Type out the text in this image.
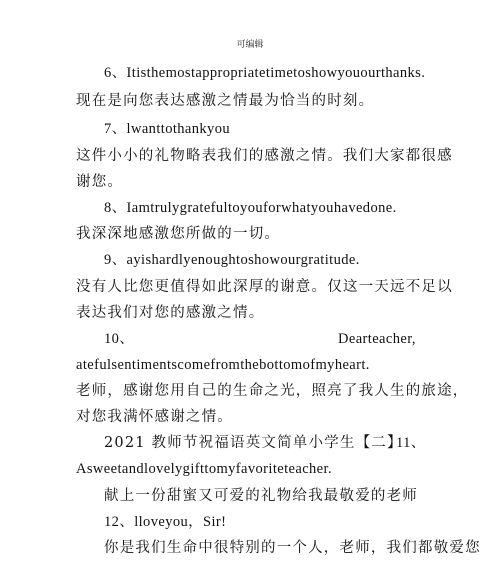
可编辑
6、Itisthemostappropriatetimetoshowyouourthanks.
现在是向您表达感激之情最为恰当的时刻。
7、lwanttothankyou
这件小小的礼物略表我们的感激之情。我们大家都很感
谢您。
8、Iamtrulygratefultoyouforwhatyouhavedone.
我深深地感激您所做的一切。
9、ayishardlyenoughtoshowourgratitude.
没有人比您更值得如此深厚的谢意。仅这一天远不足以
表达我们对您的感激之情。
10、	Dearteacher,
atefulsentimentscomefromthebottomofmyheart.
老师，感谢您用自己的生命之光，照亮了我人生的旅途，
对您我满怀感谢之情。
2021 教师节祝福语英文简单小学生【二】
11、
Asweetandlovelygifttomyfavoriteteacher.
献上一份甜蜜又可爱的礼物给我最敬爱的老师
12、lloveyou，Sir!
你是我们生命中很特别的一个人，老师，我们都敬爱您
